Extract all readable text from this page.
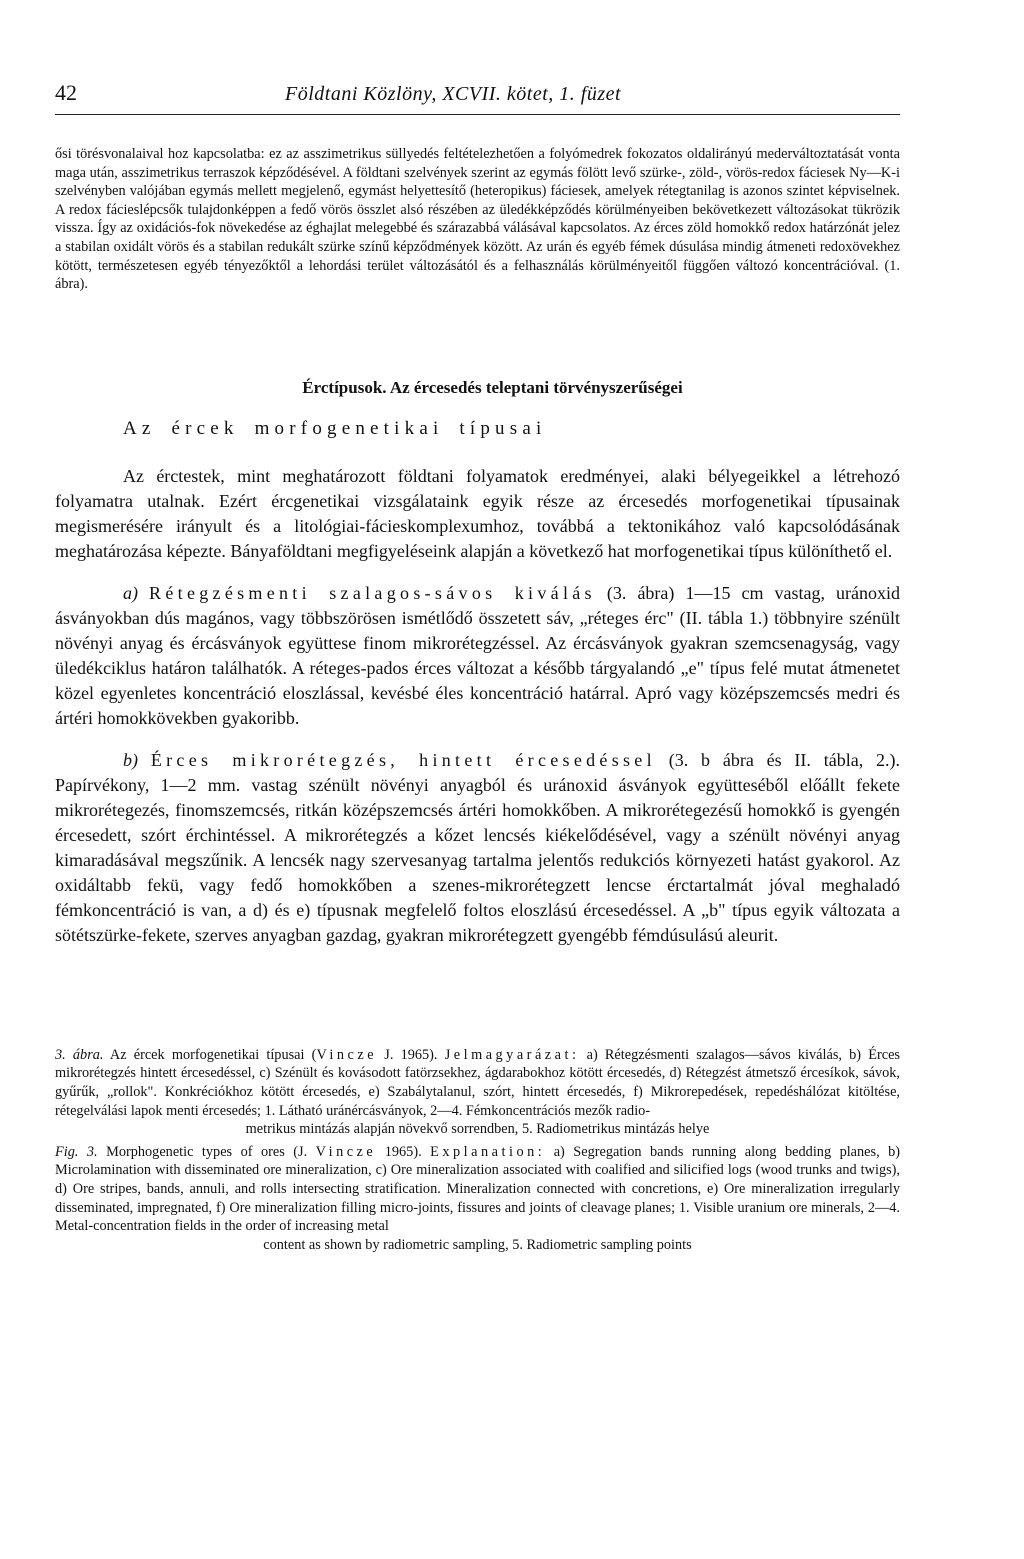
42	Földtani Közlöny, XCVII. kötet, 1. füzet

ősi törésvonalaival hoz kapcsolatba: ez az asszimetrikus süllyedés feltételezhetően a folyómedrek fokozatos oldalirányú mederváltoztatását vonta maga után, asszimetrikus terraszok képződésével. A földtani szelvények szerint az egymás fölött levő szürke-, zöld-, vörös-redox fáciesek Ny—K-i szelvényben valójában egymás mellett megjelenő, egymást helyettesítő (heteropikus) fáciesek, amelyek rétegtanilag is azonos szintet képviselnek. A redox fácieslépcsők tulajdonképpen a fedő vörös összlet alsó részében az üledékképződés körülményeiben bekövetkezett változásokat tükrözik vissza. Így az oxidációs-fok növekedése az éghajlat melegebbé és szárazabbá válásával kapcsolatos. Az érces zöld homokkő redox határzónát jelez a stabilan oxidált vörös és a stabilan redukált szürke színű képződmények között. Az urán és egyéb fémek dúsulása mindig átmeneti redoxövekhez kötött, természetesen egyéb tényezőktől a lehordási terület változásától és a felhasználás körülményeitől függően változó koncentrációval. (1. ábra).

Érctípusok. Az ércesedés teleptani törvényszerűségei
Az ércek morfogenetikai típusai

Az érctestek, mint meghatározott földtani folyamatok eredményei, alaki bélyegeikkel a létrehozó folyamatra utalnak. Ezért ércgenetikai vizsgálataink egyik része az ércesedés morfogenetikai típusainak megismerésére irányult és a litológiai-fácieskomplexumhoz, továbbá a tektonikához való kapcsolódásának meghatározása képezte. Bányaföldtani megfigyeléseink alapján a következő hat morfogenetikai típus különíthető el.

a) Rétegzésmenti szalagos-sávos kiválás (3. ábra) 1—15 cm vastag, uránoxid ásványokban dús magános, vagy többszörösen ismétlődő összetett sáv, „réteges érc" (II. tábla 1.) többnyire szénült növényi anyag és ércásványok együttese finom mikrorétegzéssel. Az ércásványok gyakran szemcsenagyság, vagy üledékciklus határon találhatók. A réteges-pados érces változat a később tárgyalandó „e" típus felé mutat átmenetet közel egyenletes koncentráció eloszlással, kevésbé éles koncentráció határral. Apró vagy középszemcsés medri és ártéri homokkövekben gyakoribb.

b) Érces mikrorétegzés, hintett ércesedéssel (3. b ábra és II. tábla, 2.). Papírvékony, 1—2 mm. vastag szénült növényi anyagból és uránoxid ásványok együtteséből előállt fekete mikrorétegezés, finomszemcsés, ritkán középszemcsés ártéri homokkőben. A mikrorétegezésű homokkő is gyengén ércesedett, szórt érchintéssel. A mikrorétegzés a kőzet lencsés kiékelődésével, vagy a szénült növényi anyag kimaradásával megszűnik. A lencsék nagy szervesanyag tartalma jelentős redukciós környezeti hatást gyakorol. Az oxidáltabb fekü, vagy fedő homokkőben a szenes-mikrorétegzett lencse érctartalmát jóval meghaladó fémkoncentráció is van, a d) és e) típusnak megfelelő foltos eloszlású ércesedéssel. A „b" típus egyik változata a sötétszürke-fekete, szerves anyagban gazdag, gyakran mikrorétegzett gyengébb fémdúsulású aleurit.

3. ábra. Az ércek morfogenetikai típusai (Vincze J. 1965). Jelmagyarázat: a) Rétegzésmenti szalagos—sávos kiválás, b) Érces mikrorétegzés hintett ércesedéssel, c) Szénült és kovásodott fatörzsekhez, ágdarabokhoz kötött ércesedés, d) Rétegzést átmetsző ércesíkok, sávok, gyűrűk, „rollok". Konkréciókhoz kötött ércesedés, e) Szabálytalanul, szórt, hintett ércesedés, f) Mikrorepedések, repedéshálózat kitöltése, rétegelválási lapok menti ércesedés; 1. Látható uránércásványok, 2—4. Fémkoncentrációs mezők radio-
metrikus mintázás alapján növekvő sorrendben, 5. Radiometrikus mintázás helye
Fig. 3. Morphogenetic types of ores (J. Vincze 1965). Explanation: a) Segregation bands running along bedding planes, b) Microlamination with disseminated ore mineralization, c) Ore mineralization associated with coalified and silicified logs (wood trunks and twigs), d) Ore stripes, bands, annuli, and rolls intersecting stratification. Mineralization connected with concretions, e) Ore mineralization irregularly disseminated, impregnated, f) Ore mineralization filling micro-joints, fissures and joints of cleavage planes; 1. Visible uranium ore minerals, 2—4. Metal-concentration fields in the order of increasing metal
content as shown by radiometric sampling, 5. Radiometric sampling points
